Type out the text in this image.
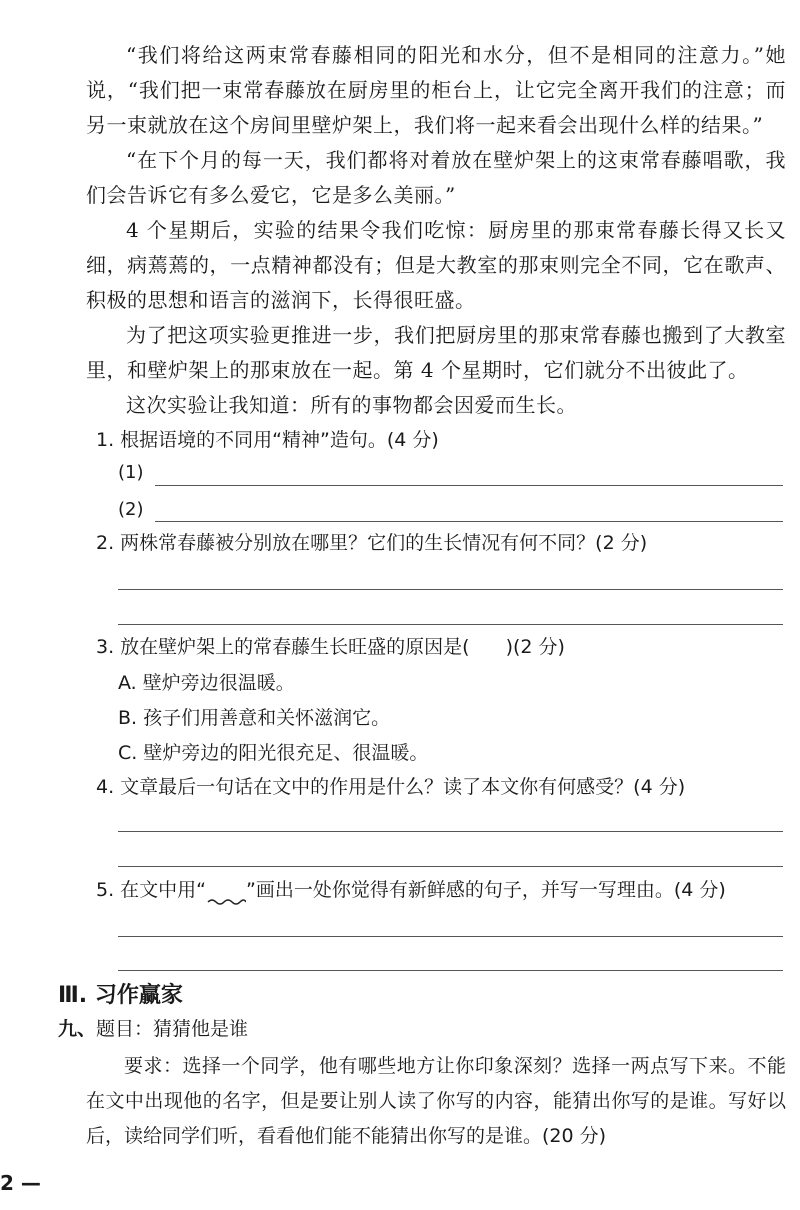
“我们将给这两束常春藤相同的阳光和水分，但不是相同的注意力。”她说，“我们把一束常春藤放在厨房里的柜台上，让它完全离开我们的注意；而另一束就放在这个房间里壁炉架上，我们将一起来看会出现什么样的结果。”
“在下个月的每一天，我们都将对着放在壁炉架上的这束常春藤唱歌，我们会告诉它有多么爱它，它是多么美丽。”
4 个星期后，实验的结果令我们吃惊：厨房里的那束常春藤长得又长又细，病蔫蔫的，一点精神都没有；但是大教室的那束则完全不同，它在歌声、积极的思想和语言的滋润下，长得很旺盛。
为了把这项实验更推进一步，我们把厨房里的那束常春藤也搬到了大教室里，和壁炉架上的那束放在一起。第 4 个星期时，它们就分不出彼此了。
这次实验让我知道：所有的事物都会因爱而生长。
1. 根据语境的不同用“精神”造句。(4 分)
(1)
(2)
2. 两株常春藤被分别放在哪里？它们的生长情况有何不同？(2 分)
3. 放在壁炉架上的常春藤生长旺盛的原因是( )(2 分)
A. 壁炉旁边很温暖。
B. 孩子们用善意和关怀滋润它。
C. 壁炉旁边的阳光很充足、很温暖。
4. 文章最后一句话在文中的作用是什么？读了本文你有何感受？(4 分)
5. 在文中用“ ”画出一处你觉得有新鲜感的句子，并写一写理由。(4 分)
Ⅲ. 习作赢家
九、题目：猜猜他是谁
要求：选择一个同学，他有哪些地方让你印象深刻？选择一两点写下来。不能在文中出现他的名字，但是要让别人读了你写的内容，能猜出你写的是谁。写好以后，读给同学们听，看看他们能不能猜出你写的是谁。(20 分)
2 —
